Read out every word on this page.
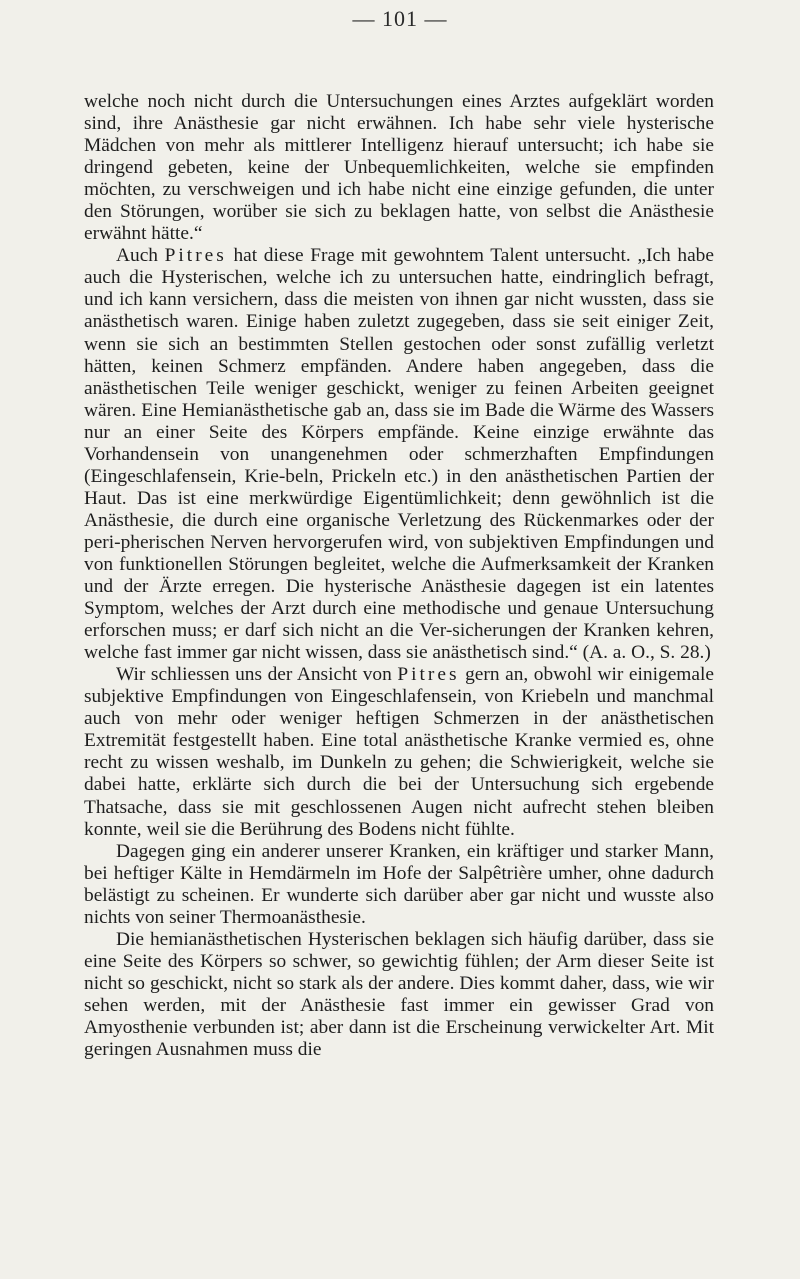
— 101 —

welche noch nicht durch die Untersuchungen eines Arztes aufgeklärt worden sind, ihre Anästhesie gar nicht erwähnen. Ich habe sehr viele hysterische Mädchen von mehr als mittlerer Intelligenz hierauf untersucht; ich habe sie dringend gebeten, keine der Unbequemlichkeiten, welche sie empfinden möchten, zu verschweigen und ich habe nicht eine einzige gefunden, die unter den Störungen, worüber sie sich zu beklagen hatte, von selbst die Anästhesie erwähnt hätte.“

Auch Pitres hat diese Frage mit gewohntem Talent untersucht. „Ich habe auch die Hysterischen, welche ich zu untersuchen hatte, eindringlich befragt, und ich kann versichern, dass die meisten von ihnen gar nicht wussten, dass sie anästhetisch waren. Einige haben zuletzt zugegeben, dass sie seit einiger Zeit, wenn sie sich an bestimmten Stellen gestochen oder sonst zufällig verletzt hätten, keinen Schmerz empfänden. Andere haben angegeben, dass die anästhetischen Teile weniger geschickt, weniger zu feinen Arbeiten geeignet wären. Eine Hemianästhetische gab an, dass sie im Bade die Wärme des Wassers nur an einer Seite des Körpers empfände. Keine einzige erwähnte das Vorhandensein von unangenehmen oder schmerzhaften Empfindungen (Eingeschlafensein, Krie-beln, Prickeln etc.) in den anästhetischen Partien der Haut. Das ist eine merkwürdige Eigentümlichkeit; denn gewöhnlich ist die Anästhesie, die durch eine organische Verletzung des Rückenmarkes oder der peri-pherischen Nerven hervorgerufen wird, von subjektiven Empfindungen und von funktionellen Störungen begleitet, welche die Aufmerksamkeit der Kranken und der Ärzte erregen. Die hysterische Anästhesie dagegen ist ein latentes Symptom, welches der Arzt durch eine methodische und genaue Untersuchung erforschen muss; er darf sich nicht an die Ver-sicherungen der Kranken kehren, welche fast immer gar nicht wissen, dass sie anästhetisch sind.“ (A. a. O., S. 28.)

Wir schliessen uns der Ansicht von Pitres gern an, obwohl wir einigemale subjektive Empfindungen von Eingeschlafensein, von Kriebeln und manchmal auch von mehr oder weniger heftigen Schmerzen in der anästhetischen Extremität festgestellt haben. Eine total anästhetische Kranke vermied es, ohne recht zu wissen weshalb, im Dunkeln zu gehen; die Schwierigkeit, welche sie dabei hatte, erklärte sich durch die bei der Untersuchung sich ergebende Thatsache, dass sie mit geschlossenen Augen nicht aufrecht stehen bleiben konnte, weil sie die Berührung des Bodens nicht fühlte.

Dagegen ging ein anderer unserer Kranken, ein kräftiger und starker Mann, bei heftiger Kälte in Hemdärmeln im Hofe der Salpêtrière umher, ohne dadurch belästigt zu scheinen. Er wunderte sich darüber aber gar nicht und wusste also nichts von seiner Thermoanästhesie.

Die hemianästhetischen Hysterischen beklagen sich häufig darüber, dass sie eine Seite des Körpers so schwer, so gewichtig fühlen; der Arm dieser Seite ist nicht so geschickt, nicht so stark als der andere. Dies kommt daher, dass, wie wir sehen werden, mit der Anästhesie fast immer ein gewisser Grad von Amyosthenie verbunden ist; aber dann ist die Erscheinung verwickelter Art. Mit geringen Ausnahmen muss die
